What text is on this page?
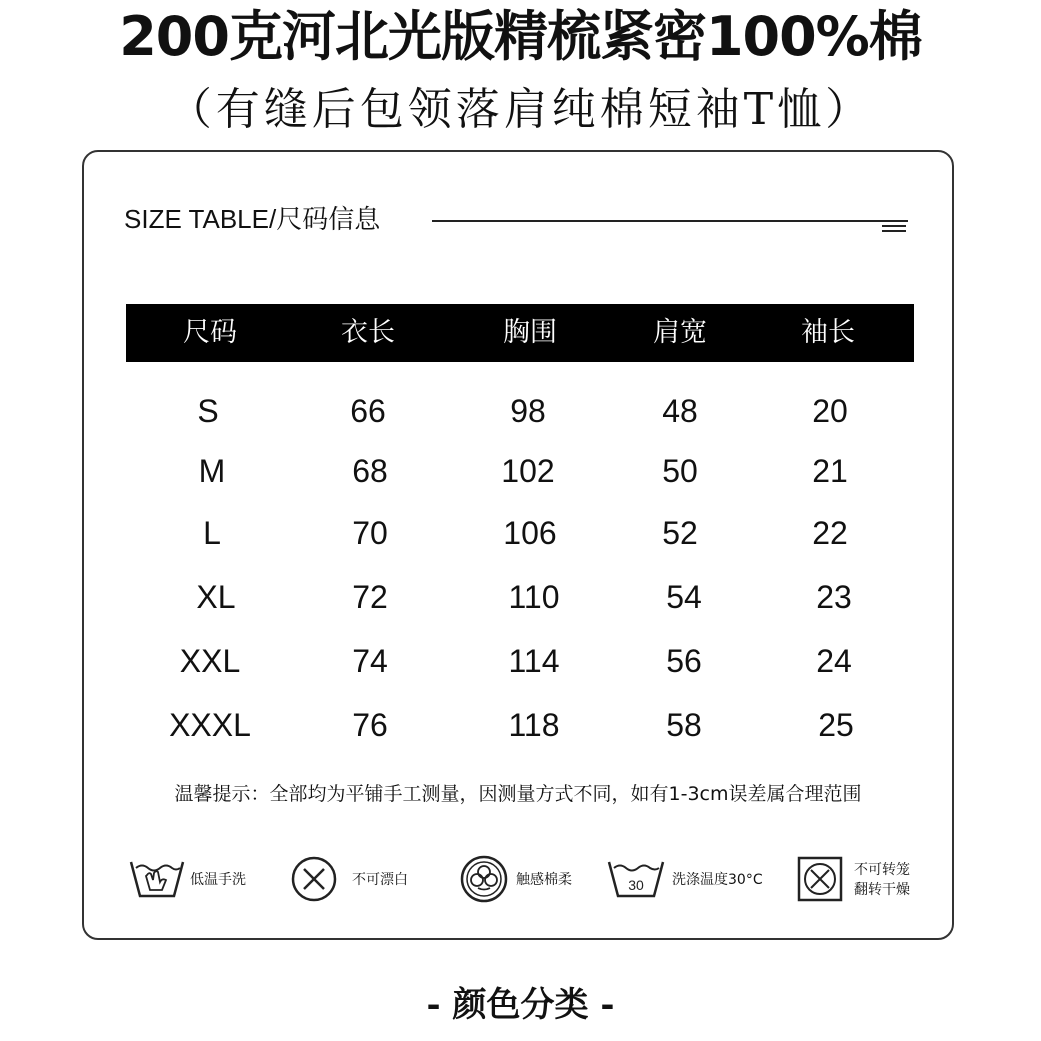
200克河北光版精梳紧密100%棉
（有缝后包领落肩纯棉短袖T恤）
SIZE TABLE/尺码信息
尺码	衣长	胸围	肩宽	袖长
S	66	98	48	20
M	68	102	50	21
L	70	106	52	22
XL	72	110	54	23
XXL	74	114	56	24
XXXL	76	118	58	25
温馨提示：全部均为平铺手工测量，因测量方式不同，如有1-3cm误差属合理范围
低温手洗	不可漂白	触感棉柔	30 洗涤温度30°C
不可转笼
翻转干燥
- 颜色分类 -
